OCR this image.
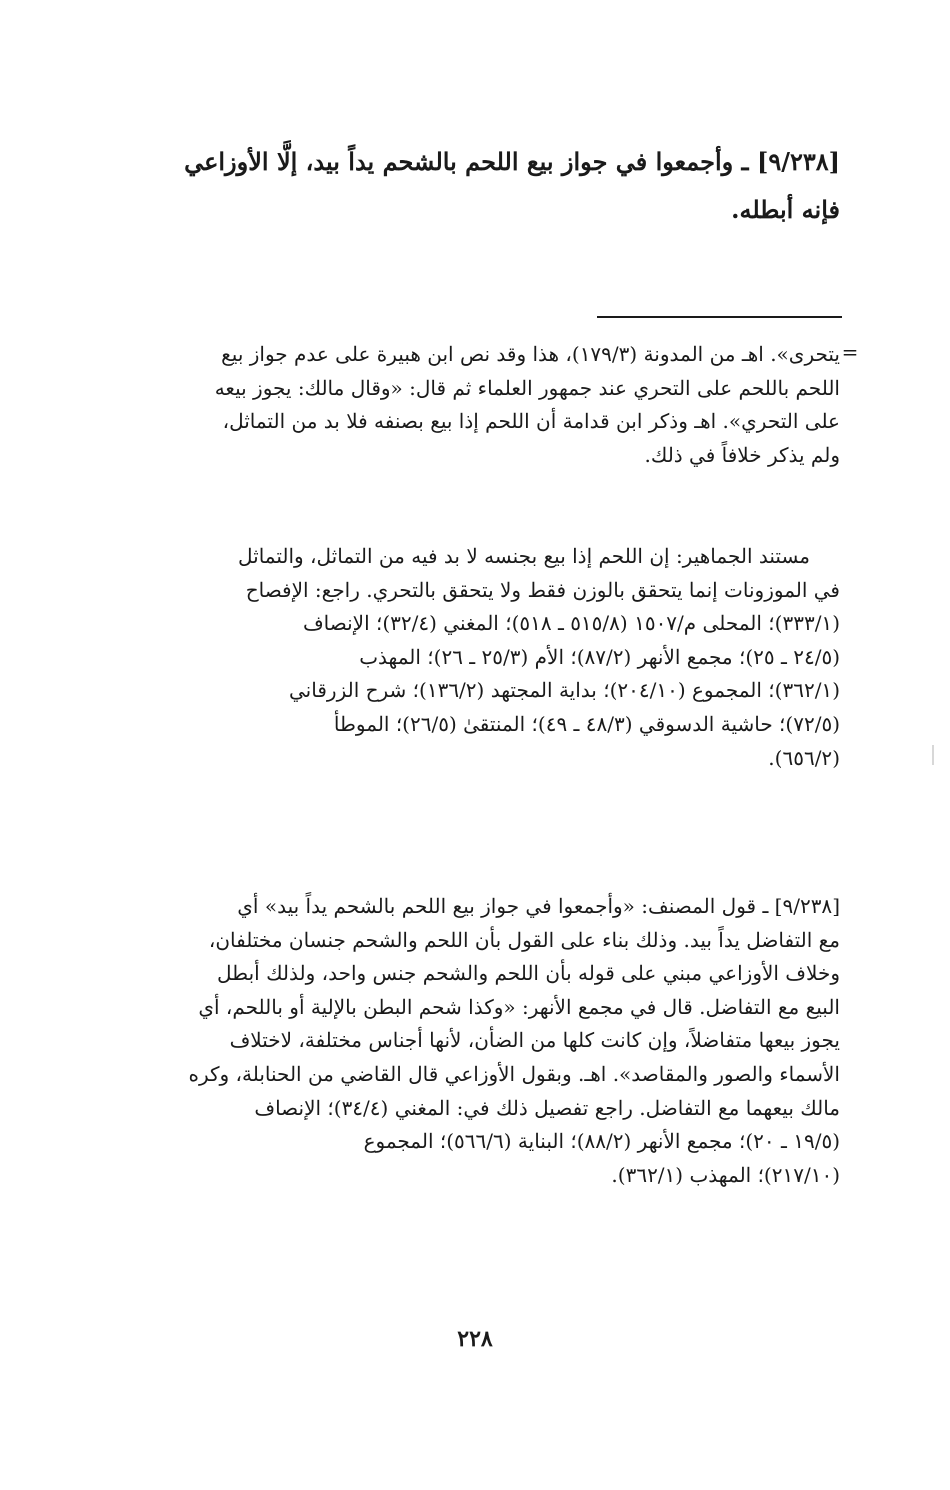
[٩/٢٣٨] ـ وأجمعوا في جواز بيع اللحم بالشحم يداً بيد، إلَّا الأوزاعي
فإنه أبطله.
=
يتحرى». اهـ من المدونة (١٧٩/٣)، هذا وقد نص ابن هبيرة على عدم جواز بيع
اللحم باللحم على التحري عند جمهور العلماء ثم قال: «وقال مالك: يجوز بيعه
على التحري». اهـ وذكر ابن قدامة أن اللحم إذا بيع بصنفه فلا بد من التماثل،
ولم يذكر خلافاً في ذلك.
مستند الجماهير: إن اللحم إذا بيع بجنسه لا بد فيه من التماثل، والتماثل
في الموزونات إنما يتحقق بالوزن فقط ولا يتحقق بالتحري. راجع: الإفصاح
(٣٣٣/١)؛ المحلى م/١٥٠٧ (٥١٥/٨ ـ ٥١٨)؛ المغني (٣٢/٤)؛ الإنصاف
(٢٤/٥ ـ ٢٥)؛ مجمع الأنهر (٨٧/٢)؛ الأم (٢٥/٣ ـ ٢٦)؛ المهذب
(٣٦٢/١)؛ المجموع (٢٠٤/١٠)؛ بداية المجتهد (١٣٦/٢)؛ شرح الزرقاني
(٧٢/٥)؛ حاشية الدسوقي (٤٨/٣ ـ ٤٩)؛ المنتقىٰ (٢٦/٥)؛ الموطأ
(٦٥٦/٢).
[٩/٢٣٨] ـ قول المصنف: «وأجمعوا في جواز بيع اللحم بالشحم يداً بيد» أي
مع التفاضل يداً بيد. وذلك بناء على القول بأن اللحم والشحم جنسان مختلفان،
وخلاف الأوزاعي مبني على قوله بأن اللحم والشحم جنس واحد، ولذلك أبطل
البيع مع التفاضل. قال في مجمع الأنهر: «وكذا شحم البطن بالإلية أو باللحم، أي
يجوز بيعها متفاضلاً، وإن كانت كلها من الضأن، لأنها أجناس مختلفة، لاختلاف
الأسماء والصور والمقاصد». اهـ. وبقول الأوزاعي قال القاضي من الحنابلة، وكره
مالك بيعهما مع التفاضل. راجع تفصيل ذلك في: المغني (٣٤/٤)؛ الإنصاف
(١٩/٥ ـ ٢٠)؛ مجمع الأنهر (٨٨/٢)؛ البناية (٥٦٦/٦)؛ المجموع
(٢١٧/١٠)؛ المهذب (٣٦٢/١).
٢٢٨
